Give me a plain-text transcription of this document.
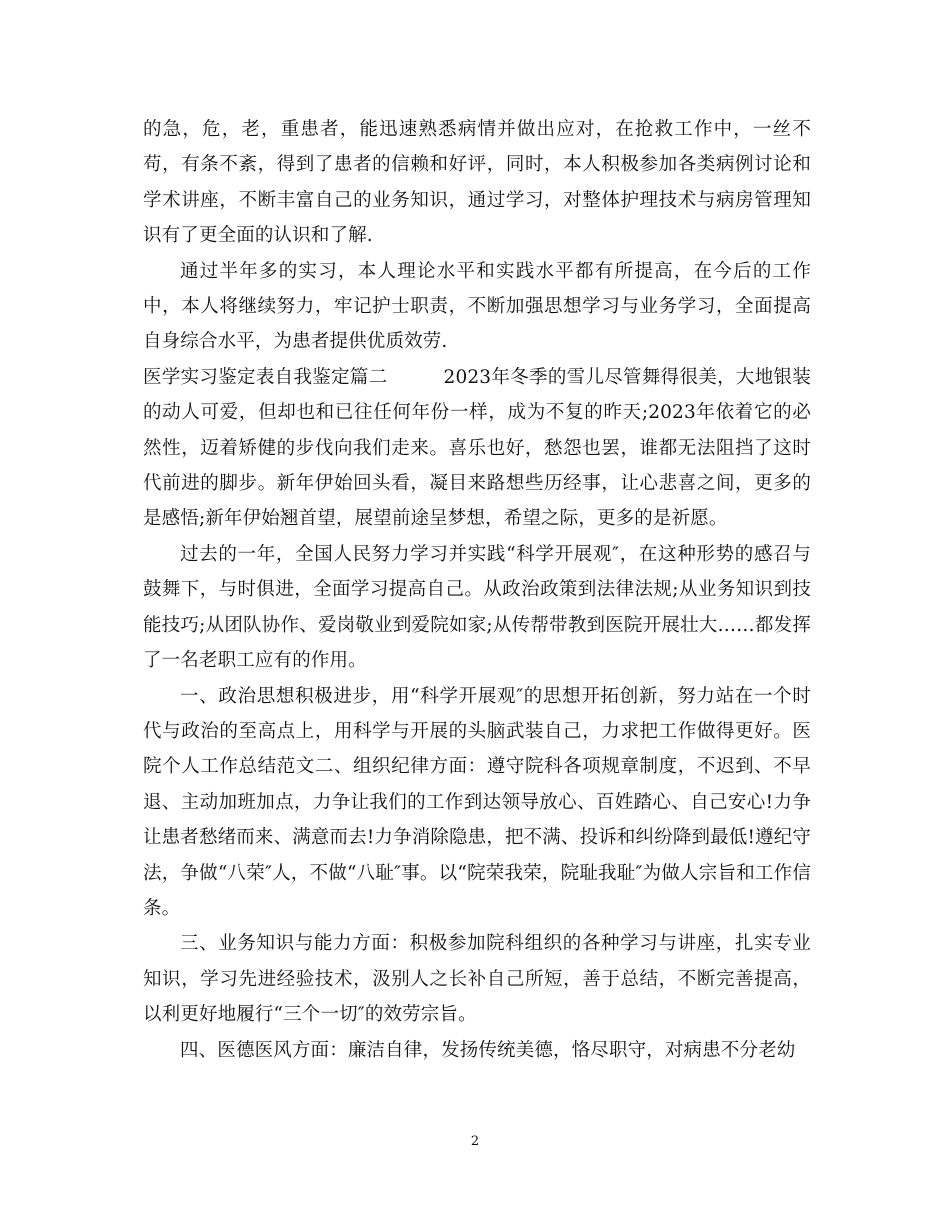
的急，危，老，重患者，能迅速熟悉病情并做出应对，在抢救工作中，一丝不苟，有条不紊，得到了患者的信赖和好评，同时，本人积极参加各类病例讨论和学术讲座，不断丰富自己的业务知识，通过学习，对整体护理技术与病房管理知识有了更全面的认识和了解.

通过半年多的实习，本人理论水平和实践水平都有所提高，在今后的工作中，本人将继续努力，牢记护士职责，不断加强思想学习与业务学习，全面提高自身综合水平，为患者提供优质效劳.

医学实习鉴定表自我鉴定篇二	2023年冬季的雪儿尽管舞得很美，大地银装的动人可爱，但却也和已往任何年份一样，成为不复的昨天;2023年依着它的必然性，迈着矫健的步伐向我们走来。喜乐也好，愁怨也罢，谁都无法阻挡了这时代前进的脚步。新年伊始回头看，凝目来路想些历经事，让心悲喜之间，更多的是感悟;新年伊始翘首望，展望前途呈梦想，希望之际，更多的是祈愿。

过去的一年，全国人民努力学习并实践“科学开展观″，在这种形势的感召与鼓舞下，与时俱进，全面学习提高自己。从政治政策到法律法规;从业务知识到技能技巧;从团队协作、爱岗敬业到爱院如家;从传帮带教到医院开展壮大……都发挥了一名老职工应有的作用。

一、政治思想积极进步，用“科学开展观″的思想开拓创新，努力站在一个时代与政治的至高点上，用科学与开展的头脑武装自己，力求把工作做得更好。医院个人工作总结范文二、组织纪律方面：遵守院科各项规章制度，不迟到、不早退、主动加班加点，力争让我们的工作到达领导放心、百姓踏心、自己安心!力争让患者愁绪而来、满意而去!力争消除隐患，把不满、投诉和纠纷降到最低!遵纪守法，争做“八荣″人，不做“八耻″事。以“院荣我荣，院耻我耻″为做人宗旨和工作信条。

三、业务知识与能力方面：积极参加院科组织的各种学习与讲座，扎实专业知识，学习先进经验技术，汲别人之长补自己所短，善于总结，不断完善提高，以利更好地履行“三个一切″的效劳宗旨。

四、医德医风方面：廉洁自律，发扬传统美德，恪尽职守，对病患不分老幼

2
